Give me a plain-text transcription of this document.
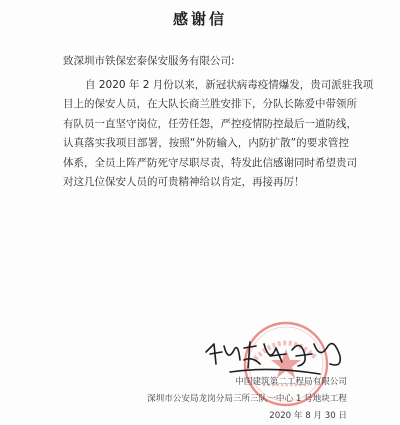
感谢信
致深圳市铁保宏泰保安服务有限公司:
自 2020 年 2 月份以来，新冠状病毒疫情爆发，贵司派驻我项
目上的保安人员，在大队长商兰胜安排下，分队长陈爱中带领所
有队员一直坚守岗位，任劳任怨，严控疫情防控最后一道防线，
认真落实我项目部署，按照“外防输入，内防扩散”的要求管控
体系，全员上阵严防死守尽职尽责，特发此信感谢同时希望贵司
对这几位保安人员的可贵精神给以肯定，再接再厉！
中国建筑第二工程局有限公司
深圳市公安局龙岗分局三所三队一中心 1 号地块工程
2020 年 8 月 30 日
